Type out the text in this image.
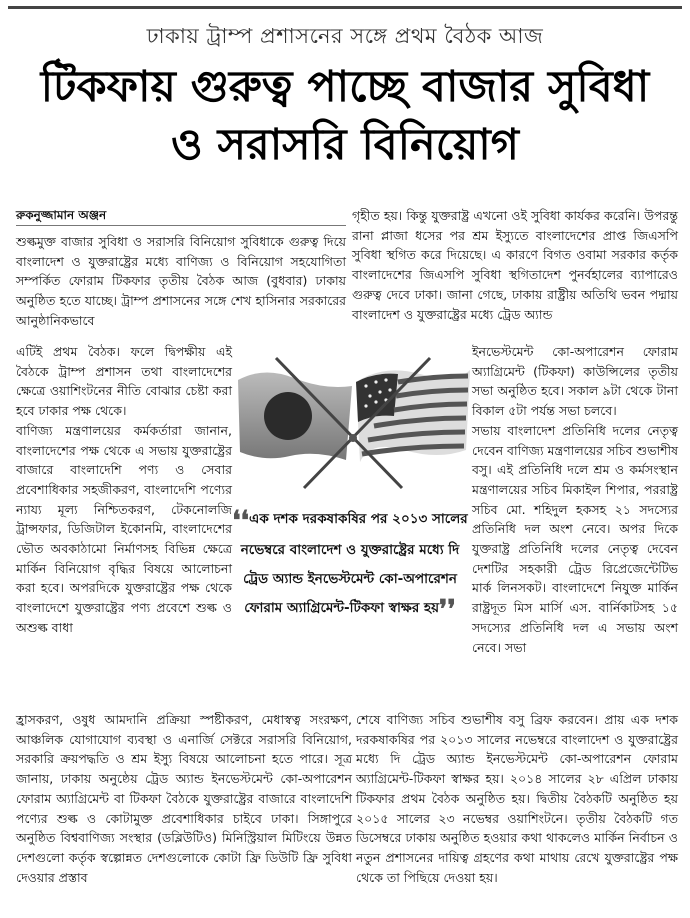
ঢাকায় ট্রাম্প প্রশাসনের সঙ্গে প্রথম বৈঠক আজ
টিকফায় গুরুত্ব পাচ্ছে বাজার সুবিধা
ও সরাসরি বিনিয়োগ
রুকনুজ্জামান অঞ্জন
শুল্কমুক্ত বাজার সুবিধা ও সরাসরি বিনিয়োগ সুবিধাকে গুরুত্ব দিয়ে বাংলাদেশ ও যুক্তরাষ্ট্রের মধ্যে বাণিজ্য ও বিনিয়োগ সহযোগিতা সম্পর্কিত ফোরাম টিকফার তৃতীয় বৈঠক আজ (বুধবার) ঢাকায় অনুষ্ঠিত হতে যাচ্ছে। ট্রাম্প প্রশাসনের সঙ্গে শেখ হাসিনার সরকারের আনুষ্ঠানিকভাবে

এটিই প্রথম বৈঠক। ফলে দ্বিপক্ষীয় এই বৈঠকে ট্রাম্প প্রশাসন তথা বাংলাদেশের ক্ষেত্রে ওয়াশিংটনের নীতি বোঝার চেষ্টা করা হবে ঢাকার পক্ষ থেকে।

বাণিজ্য মন্ত্রণালয়ের কর্মকর্তারা জানান, বাংলাদেশের পক্ষ থেকে এ সভায় যুক্তরাষ্ট্রের বাজারে বাংলাদেশি পণ্য ও সেবার প্রবেশাধিকার সহজীকরণ, বাংলাদেশি পণ্যের ন্যায্য মূল্য নিশ্চিতকরণ, টেকনোলজি ট্রান্সফার, ডিজিটাল ইকোনমি, বাংলাদেশের ভৌত অবকাঠামো নির্মাণসহ বিভিন্ন ক্ষেত্রে মার্কিন বিনিয়োগ বৃদ্ধির বিষয়ে আলোচনা করা হবে। অপরদিকে যুক্তরাষ্ট্রের পক্ষ থেকে বাংলাদেশে যুক্তরাষ্ট্রের পণ্য প্রবেশে শুল্ক ও অশুল্ক বাধা

গৃহীত হয়। কিন্তু যুক্তরাষ্ট্র এখনো ওই সুবিধা কার্যকর করেনি। উপরন্তু রানা প্লাজা ধসের পর শ্রম ইস্যুতে বাংলাদেশের প্রাপ্ত জিএসপি সুবিধা স্থগিত করে দিয়েছে। এ কারণে বিগত ওবামা সরকার কর্তৃক বাংলাদেশের জিএসপি সুবিধা স্থগিতাদেশ পুনর্বহালের ব্যাপারেও গুরুত্ব দেবে ঢাকা। জানা গেছে, ঢাকায় রাষ্ট্রীয় অতিথি ভবন পদ্মায় বাংলাদেশ ও যুক্তরাষ্ট্রের মধ্যে ট্রেড অ্যান্ড

ইনভেস্টমেন্ট কো-অপারেশন ফোরাম অ্যাগ্রিমেন্ট (টিকফা) কাউন্সিলের তৃতীয় সভা অনুষ্ঠিত হবে। সকাল ৯টা থেকে টানা বিকাল ৫টা পর্যন্ত সভা চলবে।

সভায় বাংলাদেশ প্রতিনিধি দলের নেতৃত্ব দেবেন বাণিজ্য মন্ত্রণালয়ের সচিব শুভাশীষ বসু। এই প্রতিনিধি দলে শ্রম ও কর্মসংস্থান মন্ত্রণালয়ের সচিব মিকাইল শিপার, পররাষ্ট্র সচিব মো. শহিদুল হকসহ ২১ সদস্যের প্রতিনিধি দল অংশ নেবে। অপর দিকে যুক্তরাষ্ট্র প্রতিনিধি দলের নেতৃত্ব দেবেন দেশটির সহকারী ট্রেড রিপ্রেজেন্টেটিভ মার্ক লিনসকট। বাংলাদেশে নিযুক্ত মার্কিন রাষ্ট্রদূত মিস মার্সি এস. বার্নিকাটসহ ১৫ সদস্যের প্রতিনিধি দল এ সভায় অংশ নেবে। সভা

❛❛এক দশক দরকষাকষির পর ২০১৩ সালের নভেম্বরে বাংলাদেশ ও যুক্তরাষ্ট্রের মধ্যে দি ট্রেড অ্যান্ড ইনভেস্টমেন্ট কো-অপারেশন ফোরাম অ্যাগ্রিমেন্ট-টিকফা স্বাক্ষর হয়❜❜
হ্রাসকরণ, ওষুধ আমদানি প্রক্রিয়া স্পষ্টীকরণ, মেধাস্বত্ব সংরক্ষণ, আঞ্চলিক যোগাযোগ ব্যবস্থা ও এনার্জি সেক্টরে সরাসরি বিনিয়োগ, সরকারি ক্রয়পদ্ধতি ও শ্রম ইস্যু বিষয়ে আলোচনা হতে পারে। সূত্র জানায়, ঢাকায় অনুষ্ঠেয় ট্রেড অ্যান্ড ইনভেস্টমেন্ট কো-অপারেশন ফোরাম অ্যাগ্রিমেন্ট বা টিকফা বৈঠকে যুক্তরাষ্ট্রের বাজারে বাংলাদেশি পণ্যের শুল্ক ও কোটামুক্ত প্রবেশাধিকার চাইবে ঢাকা। সিঙ্গাপুরে অনুষ্ঠিত বিশ্ববাণিজ্য সংস্থার (ডব্লিউটিও) মিনিস্ট্রিয়াল মিটিংয়ে উন্নত দেশগুলো কর্তৃক স্বল্পোন্নত দেশগুলোকে কোটা ফ্রি ডিউটি ফ্রি সুবিধা দেওয়ার প্রস্তাব
শেষে বাণিজ্য সচিব শুভাশীষ বসু ব্রিফ করবেন। প্রায় এক দশক দরকষাকষির পর ২০১৩ সালের নভেম্বরে বাংলাদেশ ও যুক্তরাষ্ট্রের মধ্যে দি ট্রেড অ্যান্ড ইনভেস্টমেন্ট কো-অপারেশন ফোরাম অ্যাগ্রিমেন্ট-টিকফা স্বাক্ষর হয়। ২০১৪ সালের ২৮ এপ্রিল ঢাকায় টিকফার প্রথম বৈঠক অনুষ্ঠিত হয়। দ্বিতীয় বৈঠকটি অনুষ্ঠিত হয় ২০১৫ সালের ২৩ নভেম্বর ওয়াশিংটনে। তৃতীয় বৈঠকটি গত ডিসেম্বরে ঢাকায় অনুষ্ঠিত হওয়ার কথা থাকলেও মার্কিন নির্বাচন ও নতুন প্রশাসনের দায়িত্ব গ্রহণের কথা মাথায় রেখে যুক্তরাষ্ট্রের পক্ষ থেকে তা পিছিয়ে দেওয়া হয়।
